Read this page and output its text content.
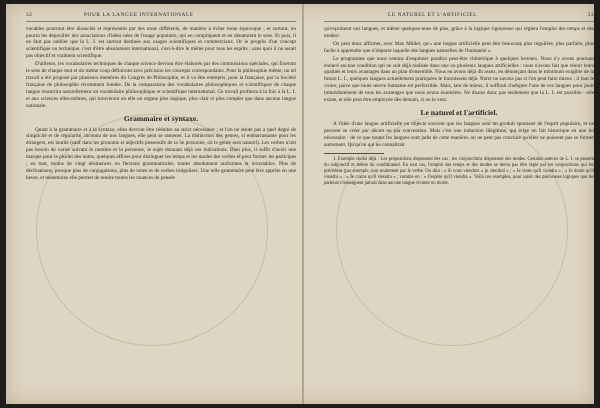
32	POUR LA LANGUE INTERNATIONALE

vocables pourront être dissociés et représentés par des mots différents, de manière à éviter toute équivoque ; et surtout, on pourra les dépouiller des associations d'idées nées de l'usage populaire, qui en compliquent et en dénaturent le sens. Et puis, il ne faut pas oublier que la L. I. est surtout destinée aux usages scientifiques et commerciaux. Or le progrès d'un concept scientifique ou technique, c'est d'être absolument international, c'est-à-dire le même pour tous les esprits ; sans quoi il ne serait pas objectif et vraiment scientifique.

D'ailleurs, les vocabulaires techniques de chaque science devront être élaborés par des commissions spéciales, qui fixeront le sens de chaque mot et du même coup définiront avec précision les concepts correspondants. Pour la philosophie même, un tel travail a été proposé par plusieurs membres du Congrès de Philosophie, et il va être entrepris, pour la française, par la Société française de philosophie récemment fondée. De la comparaison des vocabulaires philosophiques et scientifiques de chaque langue ressortira naturellement un vocabulaire philosophique et scientifique international. Ce travail profitera à la fois à la L. I. et aux sciences elles-mêmes, qui trouveront en elle un organe plus logique, plus clair et plus complet que dans aucune langue nationale.

Grammaire et syntaxe.

Quant à la grammaire et à la syntaxe, elles devront être réduites au strict nécessaire ; et l'on ne doute pas à quel degré de simplicité et de régularité, inconnu de nos langues, elle peut se ramener. La distinction des genres, si embarrassante pour les étrangers, est inutile (sauf dans les pronoms et adjectifs possessifs de la 3e personne, où le genre sera naturel). Les verbes n'ont pas besoin de varier suivant le nombre et la personne, le sujet donnant déjà ces indications. Bien plus, il suffit d'avoir une marque pour le pluriel des noms, quelques affixes pour distinguer les temps et les modes des verbes et pour former les participes ; en tout, moins de vingt désinences ou flexions grammaticales, toutes absolument uniformes et invariables. Plus de déclinaisons, presque plus de conjugaisons, plus de noms et de verbes irréguliers. Une telle grammaire peut être apprise en une heure, et néanmoins elle permet de rendre toutes les nuances de pensée

LE NATUREL ET L'ARTIFICIEL	33

qu'expriment nos langues, et même quelques-unes de plus, grâce à la logique rigoureuse qui règlera l'emploi des temps et des modes¹.

On peut donc affirmer, avec Max Müller, qu'« une langue artificielle peut être beaucoup plus régulière, plus parfaite, plus facile à apprendre que n'importe laquelle des langues naturelles de l'humanité ».

Le programme que nous venons d'esquisser paraîtra peut-être chimérique à quelques lecteurs. Nous n'y avons pourtant énoncé aucune condition qui ne soit déjà réalisée dans une ou plusieurs langues artificielles : nous n'avons fait que réunir leurs qualités et leurs avantages dans un plan d'ensemble. Nous en avons déjà dit assez, en dénonçant dans le minimum exigible de la future L. I., quelques langues actuellement pratiquées le fournissent déjà. Notre ne savons pas si l'on peut faire mieux ; il faut le croire, parce que toute œuvre humaine est perfectible. Mais, tant de mieux, il suffirait d'adopter l'une de ces langues pour jouir immédiatement de tous les avantages que nous avons énumérés. Ne disons donc pas seulement que la L. I. est possible : elle existe, et elle peut être employée dès demain, si on le veut.

Le naturel et l'artificiel.

A l'idée d'une langue artificielle on objecte souvent que les langues sont un produit spontané de l'esprit populaire, et ne peuvent se créer par décret ou par convention. Mais c'est une induction illégitime, qui érige un fait historique en une loi nécessaire : de ce que toutes les langues sont jadis de cette manière, on ne peut pas conclure qu'elles ne puissent pas se former autrement. Qu'qu'on qui ne connaîtrait

1. Exemple choisi déjà : Les prépositions dispensent des cas ; les conjonctions dispensent des modes. Certains auteurs de L. I. se passent du subjonctif et même du conditionnel. En tout cas, l'emploi des temps et des modes se devra pas être réglé par les conjonctions qui les précèdent (par exemple, non seulement par le verbe. On dira : « Si vous viendrez » je viendrai » ; « Je viens qu'il viendra » ; « Je doute qu'il viendra » ; « Je crains qu'il viendra » ; comme en : « J'espère qu'il viendra ». Voilà ces exemples, pour saisir des précieuses logiques que les parleurs n'enseignent jamais dans aucune langue vivante ou morte.
